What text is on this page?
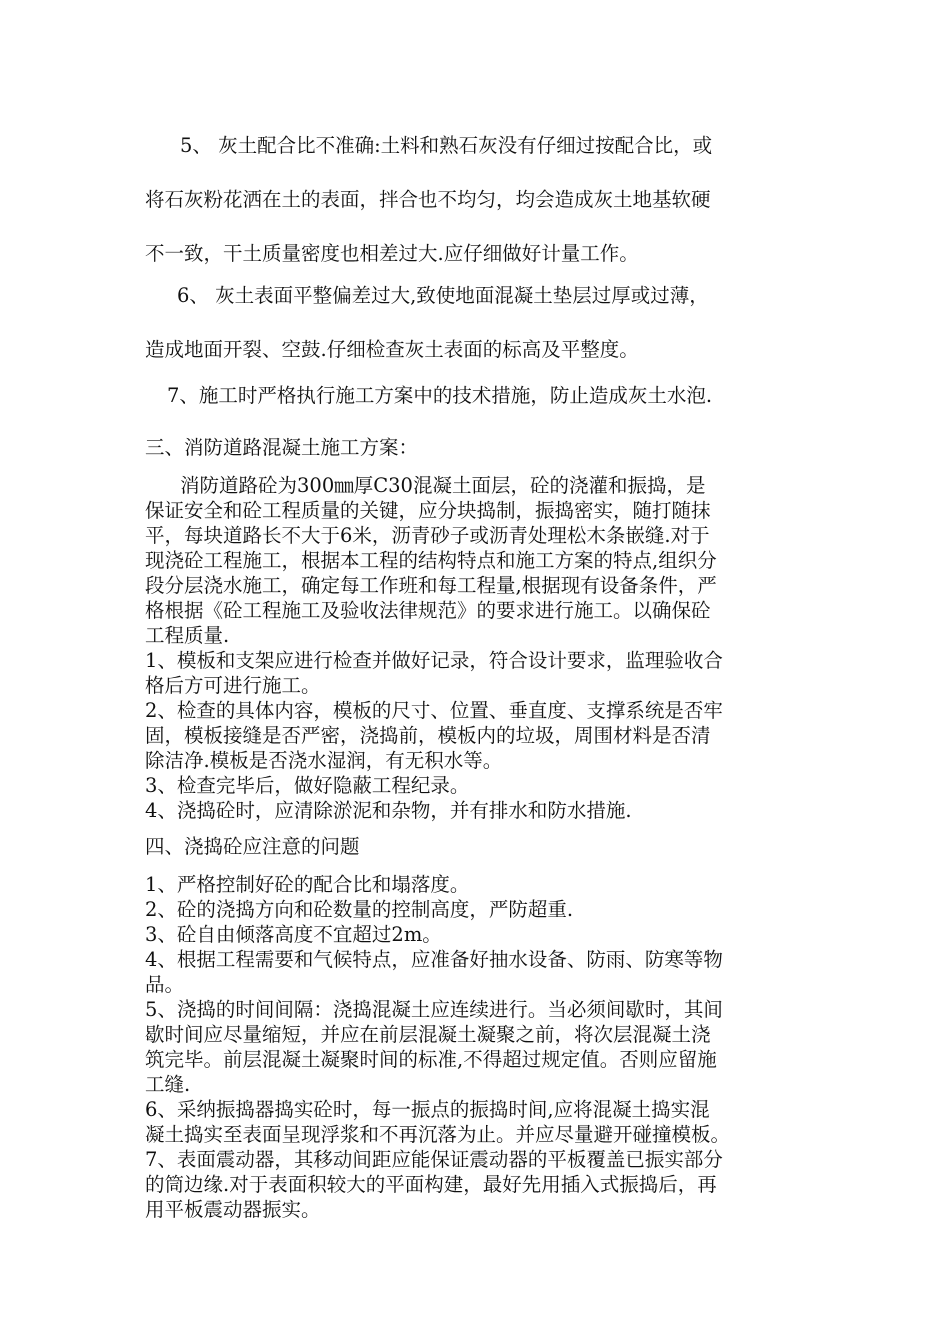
5、 灰土配合比不准确:土料和熟石灰没有仔细过按配合比，或
将石灰粉花洒在土的表面，拌合也不均匀，均会造成灰土地基软硬
不一致，干土质量密度也相差过大.应仔细做好计量工作。

6、 灰土表面平整偏差过大,致使地面混凝土垫层过厚或过薄，
造成地面开裂、空鼓.仔细检查灰土表面的标高及平整度。

7、施工时严格执行施工方案中的技术措施，防止造成灰土水泡.

三、消防道路混凝土施工方案：

消防道路砼为300㎜厚C30混凝土面层，砼的浇灌和振捣，是
保证安全和砼工程质量的关键，应分块捣制，振捣密实，随打随抹
平，每块道路长不大于6米，沥青砂子或沥青处理松木条嵌缝.对于
现浇砼工程施工，根据本工程的结构特点和施工方案的特点,组织分
段分层浇水施工，确定每工作班和每工程量,根据现有设备条件，严
格根据《砼工程施工及验收法律规范》的要求进行施工。以确保砼
工程质量.
1、模板和支架应进行检查并做好记录，符合设计要求，监理验收合
格后方可进行施工。
2、检查的具体内容，模板的尺寸、位置、垂直度、支撑系统是否牢
固，模板接缝是否严密，浇捣前，模板内的垃圾，周围材料是否清
除洁净.模板是否浇水湿润，有无积水等。
3、检查完毕后，做好隐蔽工程纪录。
4、浇捣砼时，应清除淤泥和杂物，并有排水和防水措施.

四、浇捣砼应注意的问题

1、严格控制好砼的配合比和塌落度。
2、砼的浇捣方向和砼数量的控制高度，严防超重.
3、砼自由倾落高度不宜超过2m。
4、根据工程需要和气候特点，应准备好抽水设备、防雨、防寒等物
品。
5、浇捣的时间间隔：浇捣混凝土应连续进行。当必须间歇时，其间
歇时间应尽量缩短，并应在前层混凝土凝聚之前，将次层混凝土浇
筑完毕。前层混凝土凝聚时间的标准,不得超过规定值。否则应留施
工缝.
6、采纳振捣器捣实砼时，每一振点的振捣时间,应将混凝土捣实混
凝土捣实至表面呈现浮浆和不再沉落为止。并应尽量避开碰撞模板。
7、表面震动器，其移动间距应能保证震动器的平板覆盖已振实部分
的筒边缘.对于表面积较大的平面构建，最好先用插入式振捣后，再
用平板震动器振实。
